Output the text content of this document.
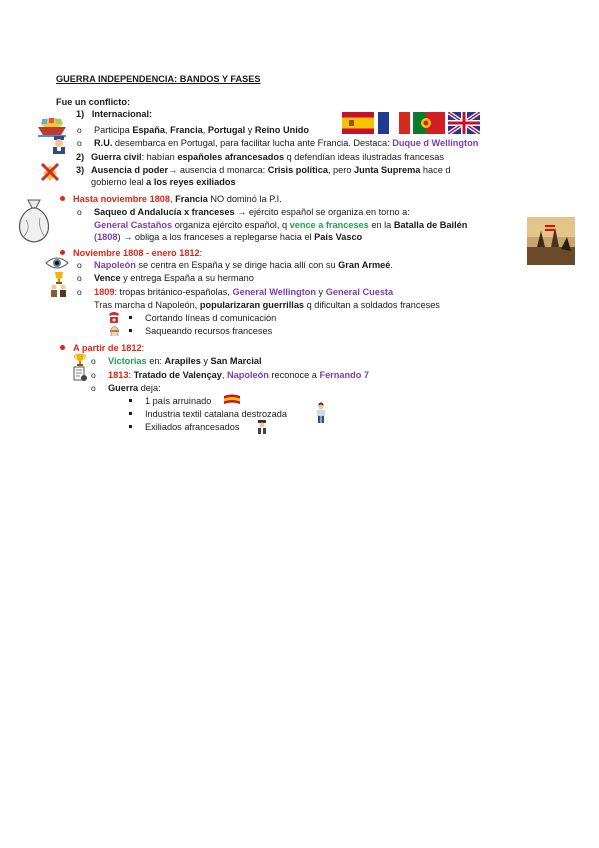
GUERRA INDEPENDENCIA: BANDOS Y FASES
Fue un conflicto:
1) Internacional:
o Participa España, Francia, Portugal y Reino Unido
o R.U. desembarca en Portugal, para facilitar lucha ante Francia. Destaca: Duque d Wellington
2) Guerra civil: habían españoles afrancesados q defendían ideas ilustradas francesas
3) Ausencia d poder→ ausencia d monarca: Crisis política, pero Junta Suprema hace d
gobierno leal a los reyes exiliados
Hasta noviembre 1808, Francia NO dominó la P.I.
o Saqueo d Andalucía x franceses → ejército español se organiza en torno a:
General Castaños organiza ejército español, q vence a franceses en la Batalla de Bailén
(1808) → obliga a los franceses a replegarse hacia el País Vasco
Noviembre 1808 - enero 1812:
o Napoleón se centra en España y se dirige hacia allí con su Gran Armeé.
o Vence y entrega España a su hermano
o 1809: tropas británico-españolas, General Wellington y General Cuesta
Tras marcha d Napoleón, popularizaran guerrillas q dificultan a soldados franceses
Cortando líneas d comunicación
Saqueando recursos franceses
A partir de 1812:
o Victorias en: Arapiles y San Marcial
o 1813: Tratado de Valençay, Napoleón reconoce a Fernando 7
o Guerra deja:
1 país arruinado
Industria textil catalana destrozada
Exiliados afrancesados
